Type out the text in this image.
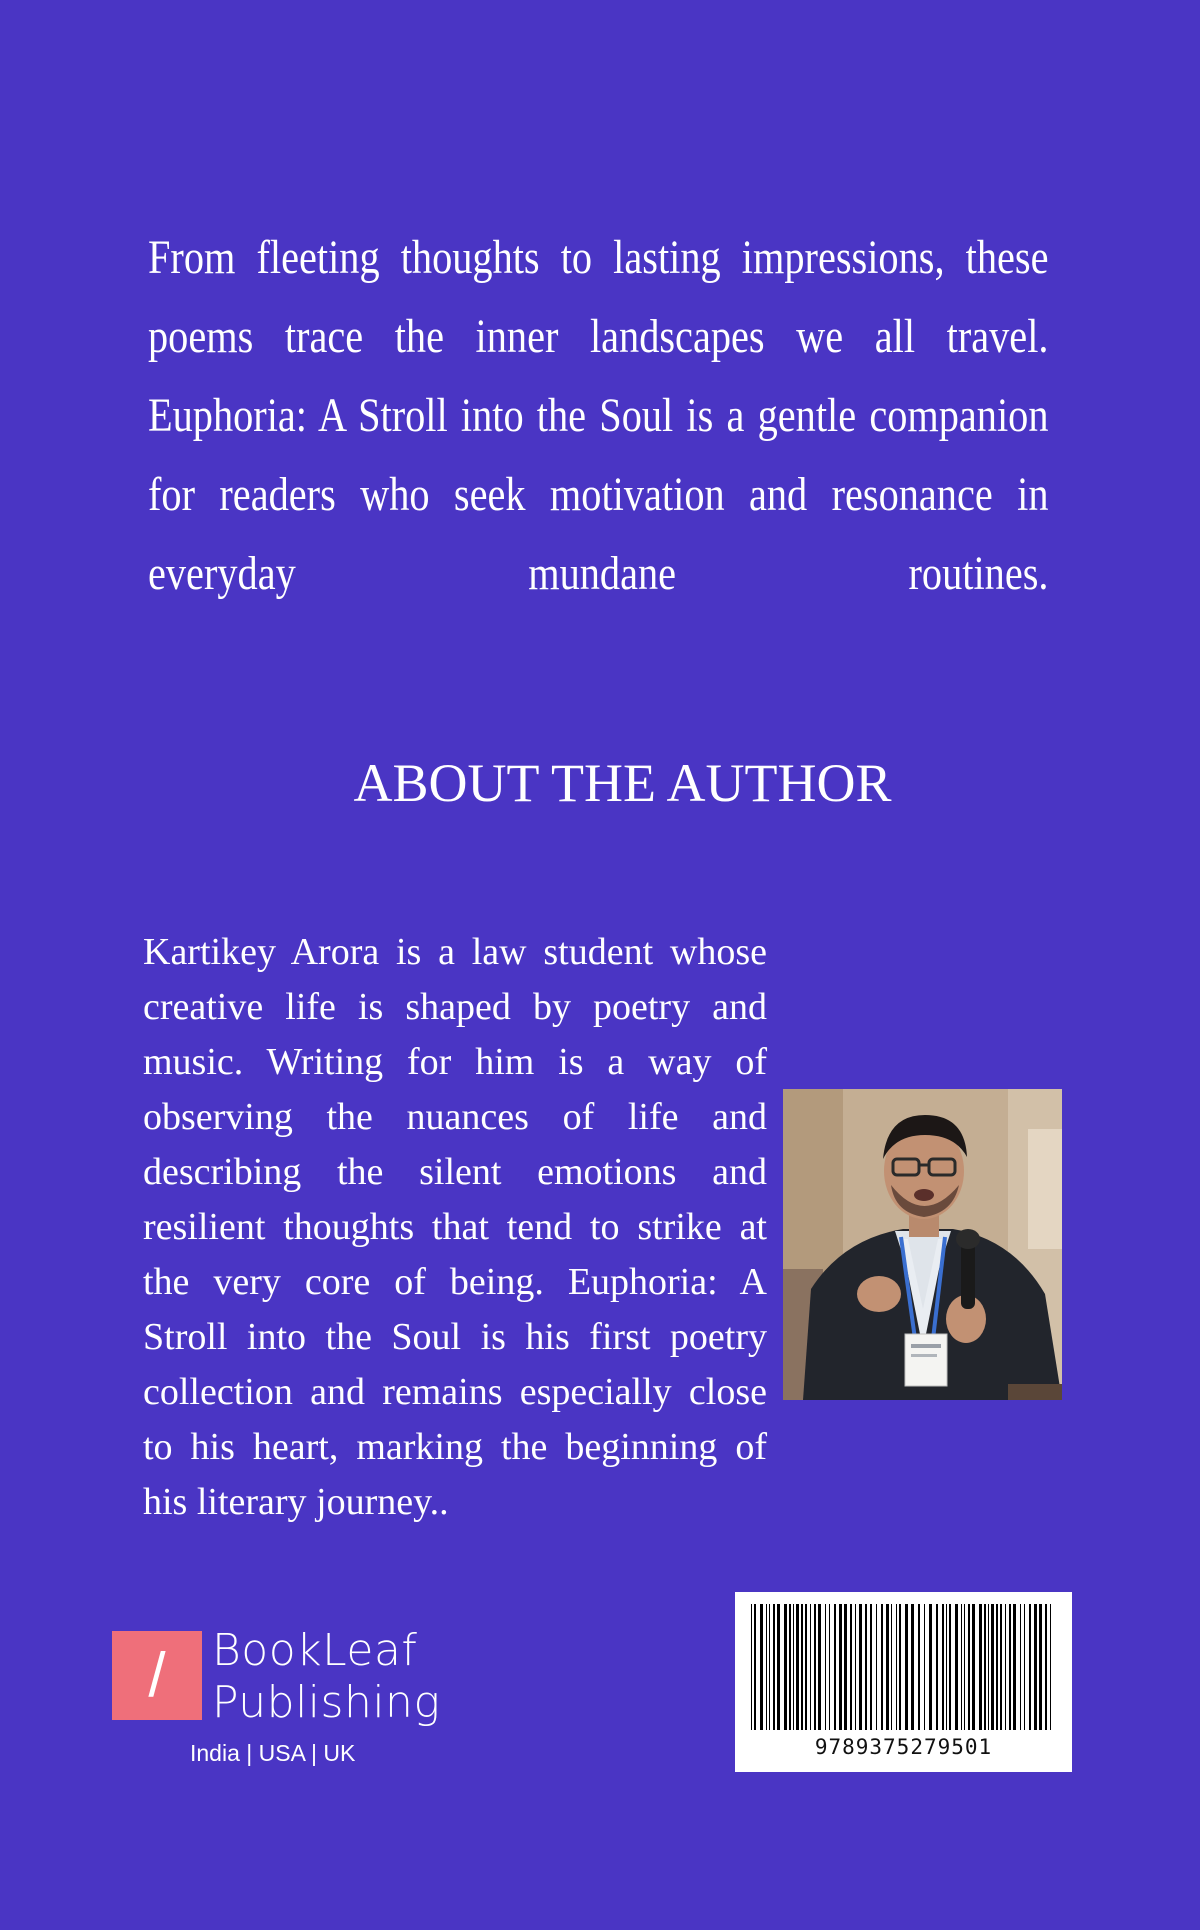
From fleeting thoughts to lasting impressions, these poems trace the inner landscapes we all travel. Euphoria: A Stroll into the Soul is a gentle companion for readers who seek motivation and resonance in everyday mundane routines.
ABOUT THE AUTHOR
Kartikey Arora is a law student whose creative life is shaped by poetry and music. Writing for him is a way of observing the nuances of life and describing the silent emotions and resilient thoughts that tend to strike at the very core of being. Euphoria: A Stroll into the Soul is his first poetry collection and remains especially close to his heart, marking the beginning of his literary journey..
/	BookLeaf
Publishing
India | USA | UK	9789375279501
